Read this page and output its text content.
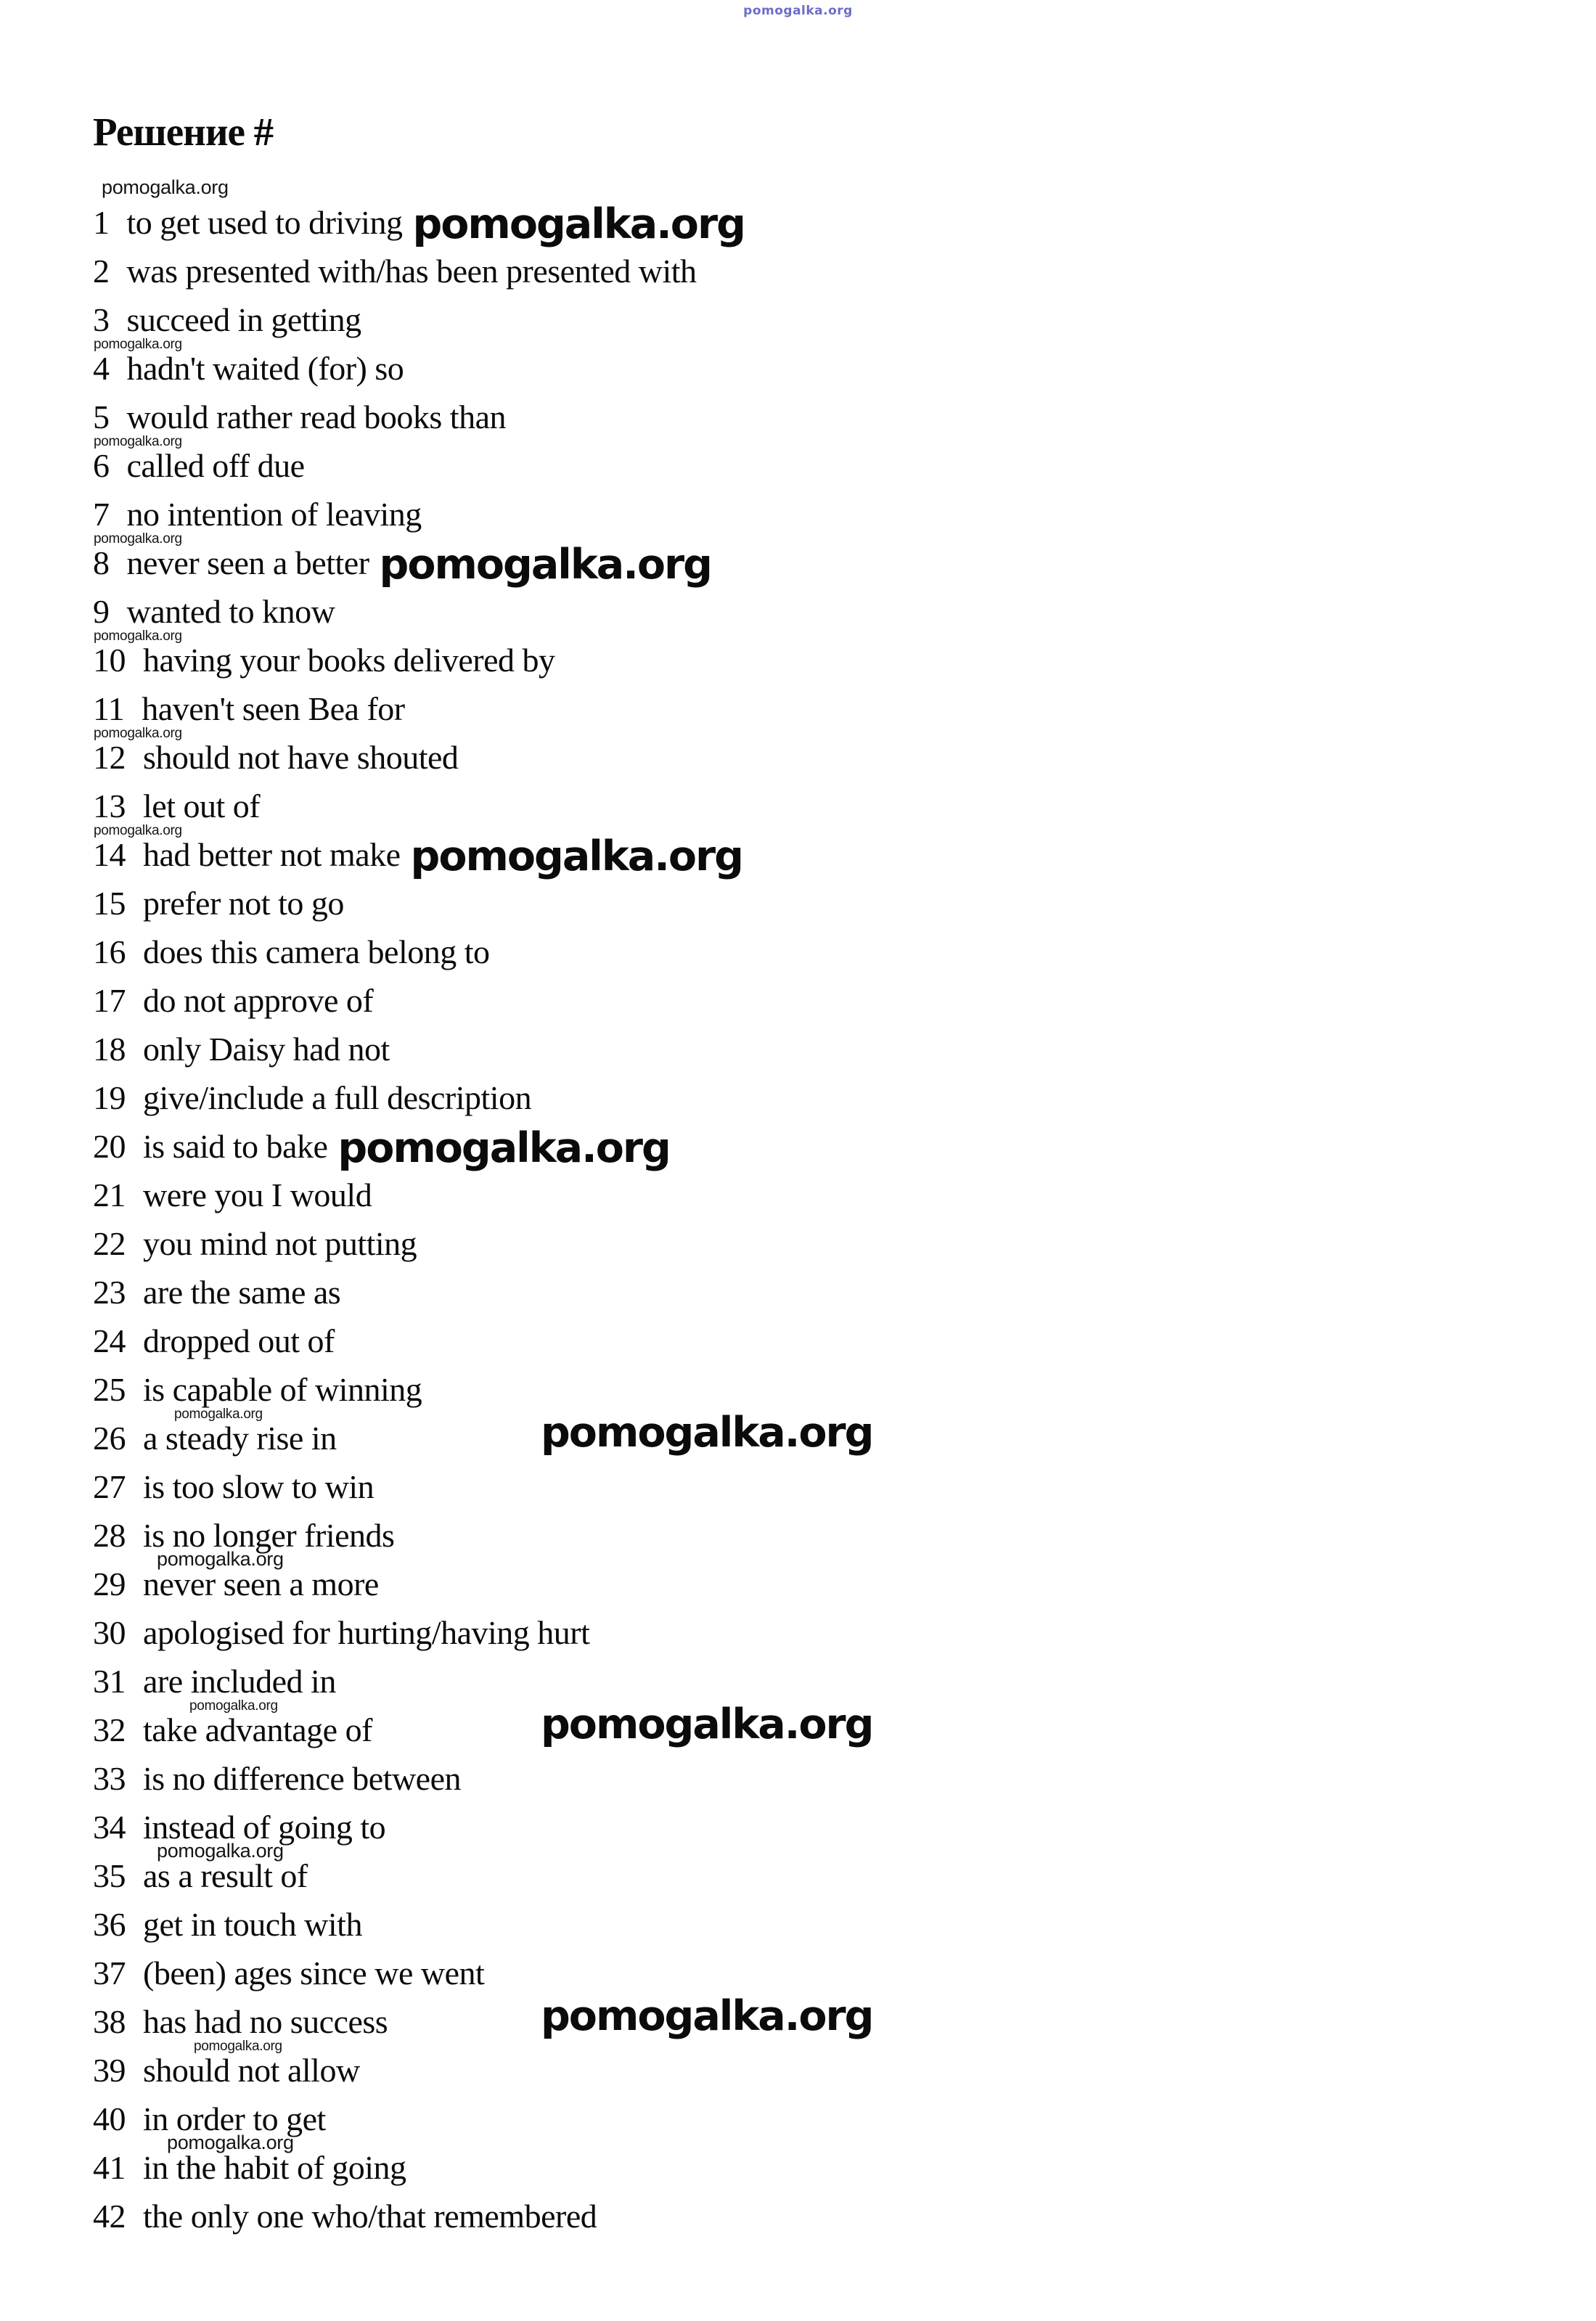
pomogalka.org
Решение #
pomogalka.org
1 to get used to driving pomogalka.org
2 was presented with/has been presented with
3 succeed in getting
pomogalka.org
4 hadn't waited (for) so
5 would rather read books than
pomogalka.org
6 called off due
7 no intention of leaving
pomogalka.org
8 never seen a better pomogalka.org
9 wanted to know
pomogalka.org
10 having your books delivered by
11 haven't seen Bea for
pomogalka.org
12 should not have shouted
13 let out of
pomogalka.org
14 had better not make pomogalka.org
15 prefer not to go
16 does this camera belong to
17 do not approve of
18 only Daisy had not
19 give/include a full description
20 is said to bake pomogalka.org
21 were you I would
22 you mind not putting
23 are the same as
24 dropped out of
25 is capable of winning
pomogalka.org
26 a steady rise in	pomogalka.org
27 is too slow to win
28 is no longer friends
pomogalka.org
29 never seen a more
30 apologised for hurting/having hurt
31 are included in
pomogalka.org
32 take advantage of	pomogalka.org
33 is no difference between
34 instead of going to
pomogalka.org
35 as a result of
36 get in touch with
37 (been) ages since we went
38 has had no success	pomogalka.org
pomogalka.org
39 should not allow
40 in order to get
pomogalka.org
41 in the habit of going
42 the only one who/that remembered
